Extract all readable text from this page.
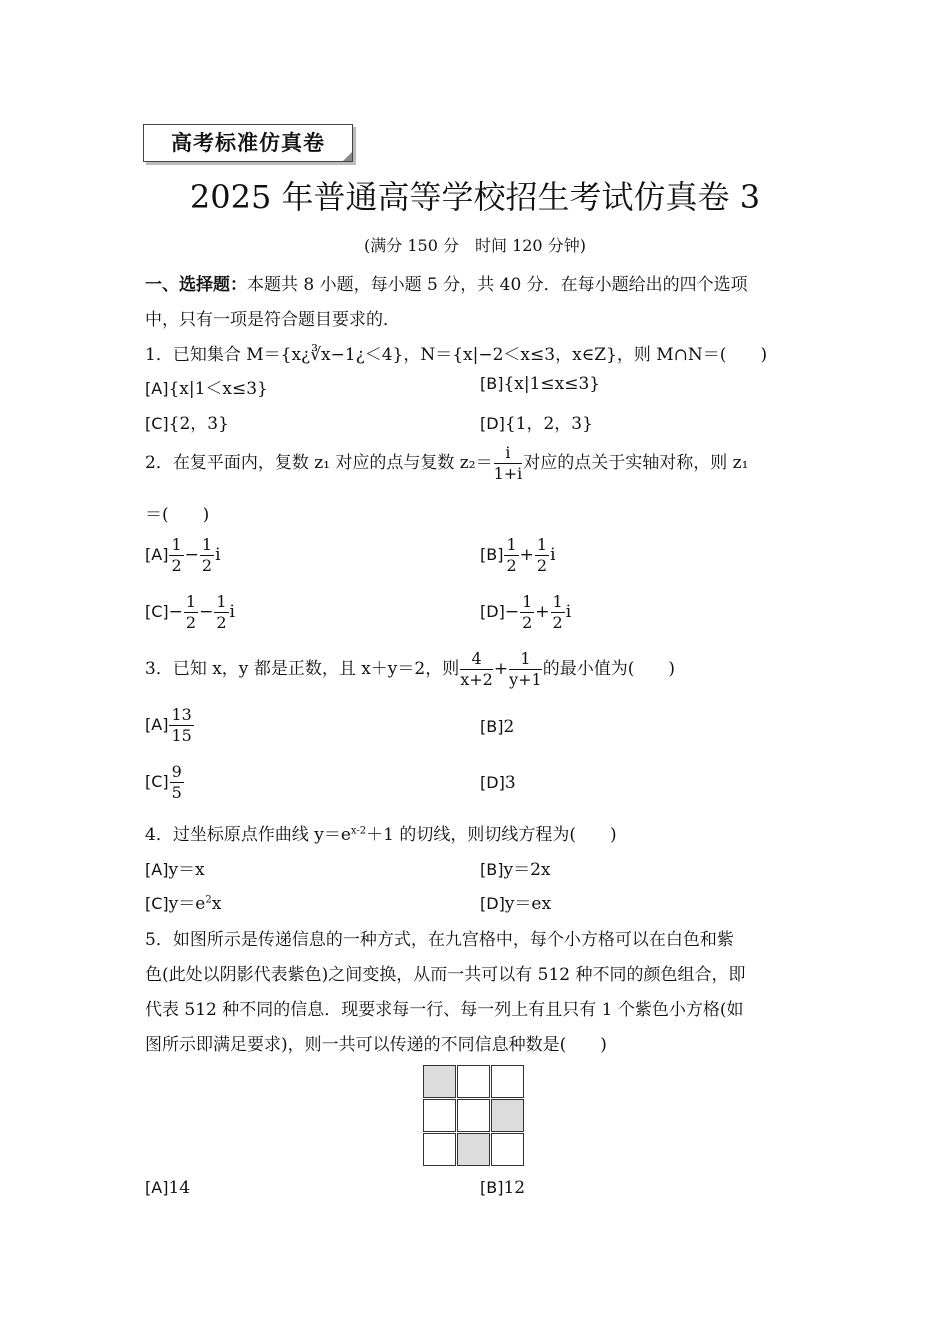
高考标准仿真卷
2025 年普通高等学校招生考试仿真卷 3
(满分 150 分　时间 120 分钟)
一、选择题：本题共 8 小题，每小题 5 分，共 40 分．在每小题给出的四个选项
中，只有一项是符合题目要求的．
1．已知集合 M＝{x¿∛x−1¿＜4}，N＝{x|−2＜x≤3，x∈Z}，则 M∩N＝(　　)
[A]{x|1＜x≤3}	[B]{x|1≤x≤3}
[C]{2，3}	[D]{1，2，3}
2．在复平面内，复数 z₁ 对应的点与复数 $z_2= \frac{i}{1+i}$ 对应的点关于实轴对称，则 z₁
＝(　　)
$[A] \frac{1}{2} - \frac{1}{2}$ i	$[B] \frac{1}{2} + \frac{1}{2}$ i
$[C]- \frac{1}{2} - \frac{1}{2}$ i	$[D]- \frac{1}{2} + \frac{1}{2}$ i
3．已知 x，y 都是正数，且 x＋y＝2，则 $\frac{4}{x+2} + \frac{1}{y+1}$ 的最小值为(　　)
$[A] \frac{13}{15}$	[B]2
$[C] \frac{9}{5}$	[D]3
4．过坐标原点作曲线 $y=e^{x-2}+1$ 的切线，则切线方程为(　　)
[A]y＝x	[B]y＝2x
$[C]y=e^2x$	[D]y＝ex
5．如图所示是传递信息的一种方式，在九宫格中，每个小方格可以在白色和紫
色(此处以阴影代表紫色)之间变换，从而一共可以有 512 种不同的颜色组合，即
代表 512 种不同的信息．现要求每一行、每一列上有且只有 1 个紫色小方格(如
图所示即满足要求)，则一共可以传递的不同信息种数是(　　)
[A]14	[B]12
